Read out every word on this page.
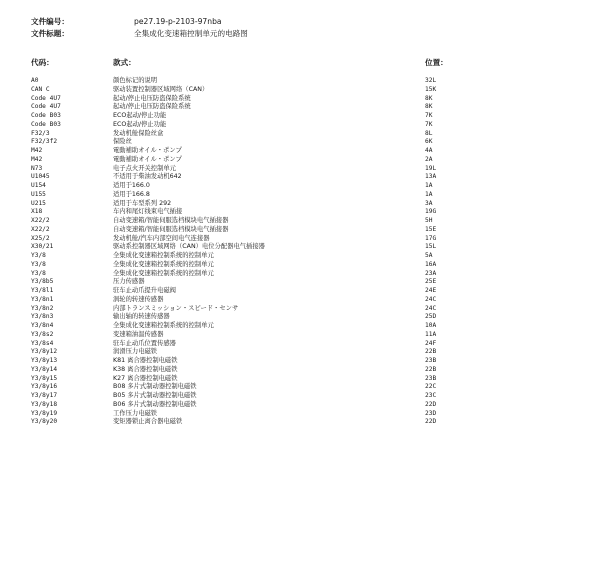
文件编号：	pe27.19-p-2103-97nba
文件标题：	全集成化变速箱控制单元的电路图
代码：	款式：	位置：
A0	颜色标记的说明	32L
CAN C	驱动装置控制器区域网络（CAN）	15K
Code 4U7	起动/停止电压防盗保险系统	8K
Code 4U7	起动/停止电压防盗保险系统	8K
Code B03	ECO起动/停止功能	7K
Code B03	ECO起动/停止功能	7K
F32/3	发动机舱保险丝盒	8L
F32/3f2	保险丝	6K
M42	電動補助オイル・ポンプ	4A
M42	電動補助オイル・ポンプ	2A
N73	电子点火开关控制单元	19L
U1045	不适用于柴油发动机642	13A
U154	适用于166.0	1A
U155	适用于166.8	1A
U215	适用于车型系列 292	3A
X18	车内和尾灯线束电气插接	19G
X22/2	自动变速箱/智能伺服选档模块电气插接器	5H
X22/2	自动变速箱/智能伺服选档模块电气插接器	15E
X25/2	发动机舱/汽车内部空间电气连接器	17G
X30/21	驱动系控制器区域网络（CAN）电位分配器电气插接器	15L
Y3/8	全集成化变速箱控制系统的控制单元	5A
Y3/8	全集成化变速箱控制系统的控制单元	16A
Y3/8	全集成化变速箱控制系统的控制单元	23A
Y3/8b5	压力传感器	25E
Y3/8l1	驻车止动爪提升电磁阀	24E
Y3/8n1	涡轮的转速传感器	24C
Y3/8n2	内部トランスミッション・スピード・センサ	24C
Y3/8n3	输出轴的转速传感器	25D
Y3/8n4	全集成化变速箱控制系统的控制单元	10A
Y3/8s2	变速箱油温传感器	11A
Y3/8s4	驻车止动爪位置传感器	24F
Y3/8y12	润滑压力电磁铁	22B
Y3/8y13	K81 离合器控制电磁铁	23B
Y3/8y14	K38 离合器控制电磁铁	22B
Y3/8y15	K27 离合器控制电磁铁	23B
Y3/8y16	B08 多片式制动器控制电磁铁	22C
Y3/8y17	B05 多片式制动器控制电磁铁	23C
Y3/8y18	B06 多片式制动器控制电磁铁	22D
Y3/8y19	工作压力电磁铁	23D
Y3/8y20	变矩器锁止离合器电磁铁	22D
